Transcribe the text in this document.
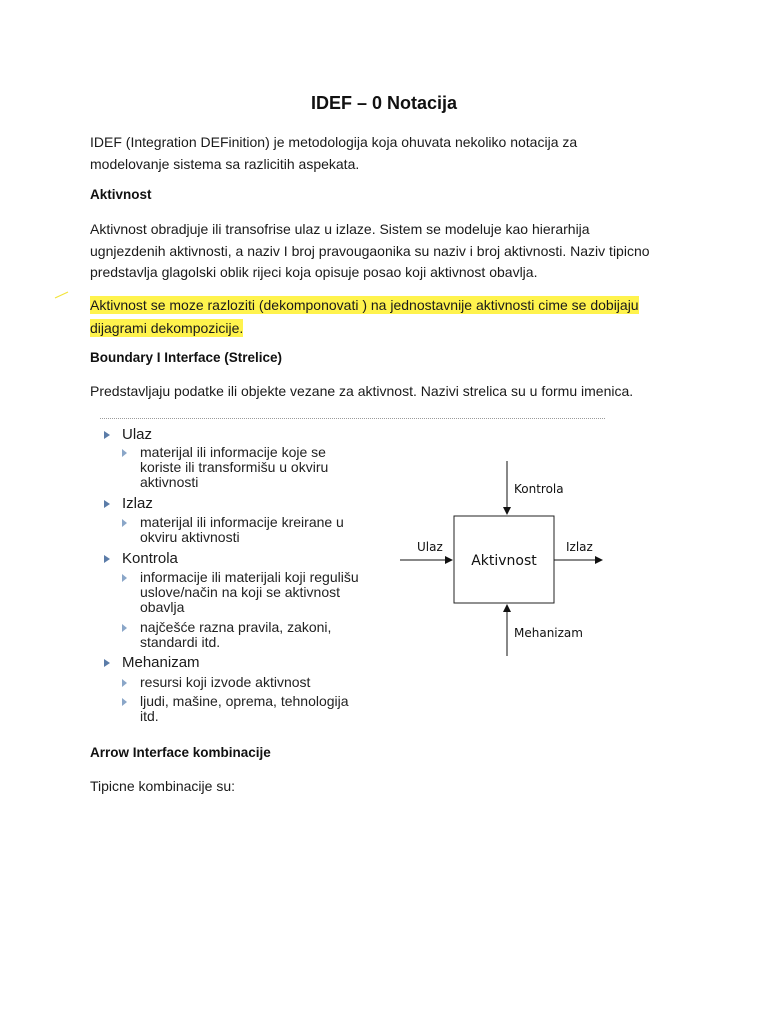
IDEF – 0 Notacija
IDEF (Integration DEFinition) je metodologija koja ohuvata nekoliko notacija za
modelovanje sistema sa razlicitih aspekata.
Aktivnost
Aktivnost obradjuje ili transofrise ulaz u izlaze. Sistem se modeluje kao hierarhija
ugnjezdenih aktivnosti, a naziv I broj pravougaonika su naziv i broj aktivnosti. Naziv tipicno
predstavlja glagolski oblik rijeci koja opisuje posao koji aktivnost obavlja.
Aktivnost se moze razloziti (dekomponovati ) na jednostavnije aktivnosti cime se dobijaju
dijagrami dekompozicije.
Boundary I Interface (Strelice)
Predstavljaju podatke ili objekte vezane za aktivnost. Nazivi strelica su u formu imenica.
Ulaz
materijal ili informacije koje se
koriste ili transformišu u okviru
aktivnosti
Izlaz
materijal ili informacije kreirane u
okviru aktivnosti
Kontrola
informacije ili materijali koji regulišu
uslove/način na koji se aktivnost
obavlja
najčešće razna pravila, zakoni,
standardi itd.
Mehanizam
resursi koji izvode aktivnost
ljudi, mašine, oprema, tehnologija
itd.
Aktivnost
Kontrola
Ulaz	Izlaz
Mehanizam
Arrow Interface kombinacije
Tipicne kombinacije su:
